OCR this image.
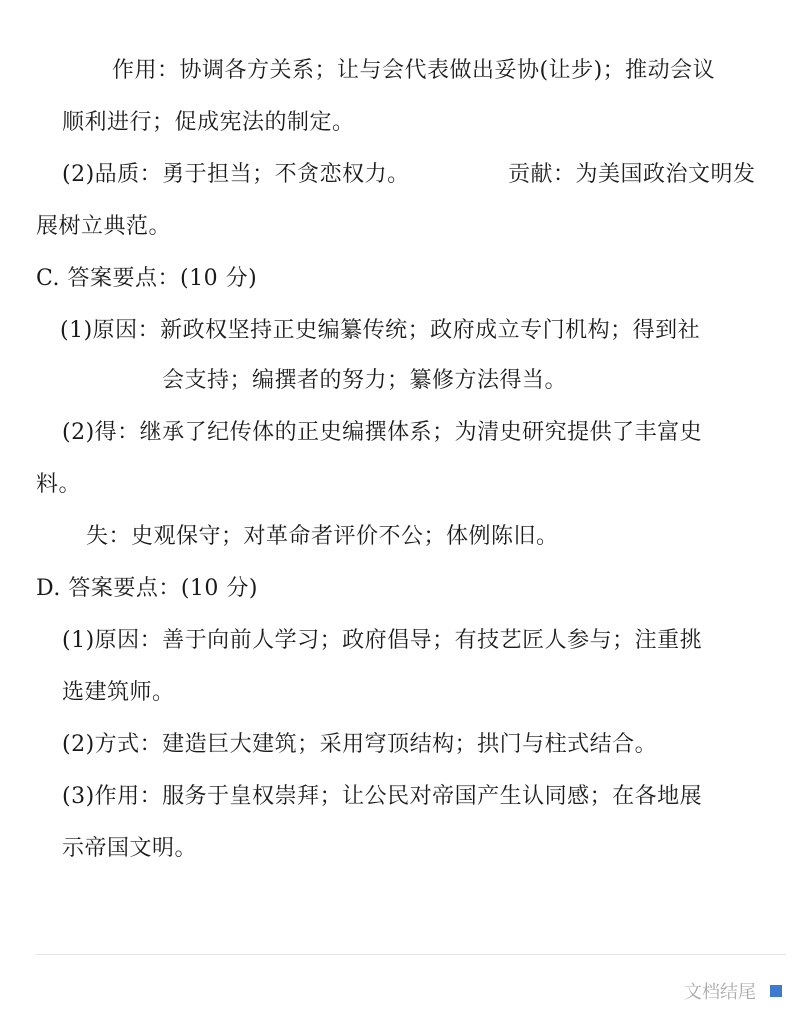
作用：协调各方关系；让与会代表做出妥协(让步)；推动会议
顺利进行；促成宪法的制定。
(2)品质：勇于担当；不贪恋权力。	贡献：为美国政治文明发
展树立典范。
C. 答案要点：(10 分)
(1)原因：新政权坚持正史编纂传统；政府成立专门机构；得到社
会支持；编撰者的努力；纂修方法得当。
(2)得：继承了纪传体的正史编撰体系；为清史研究提供了丰富史
料。
失：史观保守；对革命者评价不公；体例陈旧。
D. 答案要点：(10 分)
(1)原因：善于向前人学习；政府倡导；有技艺匠人参与；注重挑
选建筑师。
(2)方式：建造巨大建筑；采用穹顶结构；拱门与柱式结合。
(3)作用：服务于皇权崇拜；让公民对帝国产生认同感；在各地展
示帝国文明。
文档结尾
